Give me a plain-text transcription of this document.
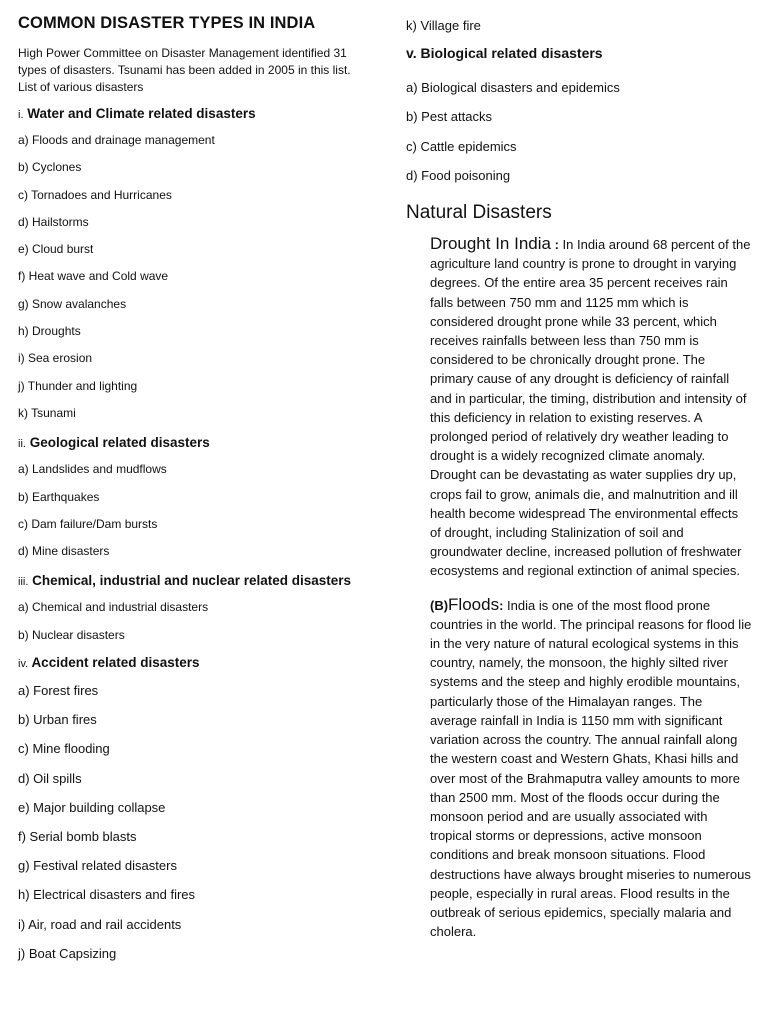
COMMON DISASTER TYPES IN INDIA
High Power Committee on Disaster Management identified 31 types of disasters. Tsunami has been added in 2005 in this list. List of various disasters
i. Water and Climate related disasters
a) Floods and drainage management
b) Cyclones
c) Tornadoes and Hurricanes
d) Hailstorms
e) Cloud burst
f) Heat wave and Cold wave
g) Snow avalanches
h) Droughts
i) Sea erosion
j) Thunder and lighting
k) Tsunami
ii. Geological related disasters
a) Landslides and mudflows
b) Earthquakes
c) Dam failure/Dam bursts
d) Mine disasters
iii. Chemical, industrial and nuclear related disasters
a) Chemical and industrial disasters
b) Nuclear disasters
iv. Accident related disasters
a) Forest fires
b) Urban fires
c) Mine flooding
d) Oil spills
e) Major building collapse
f) Serial bomb blasts
g) Festival related disasters
h) Electrical disasters and fires
i) Air, road and rail accidents
j) Boat Capsizing
k) Village fire
v. Biological related disasters
a) Biological disasters and epidemics
b) Pest attacks
c) Cattle epidemics
d) Food poisoning
Natural Disasters

Drought In India : In India around 68 percent of the agriculture land country is prone to drought in varying degrees. Of the entire area 35 percent receives rain falls between 750 mm and 1125 mm which is considered drought prone while 33 percent, which receives rainfalls between less than 750 mm is considered to be chronically drought prone. The primary cause of any drought is deficiency of rainfall and in particular, the timing, distribution and intensity of this deficiency in relation to existing reserves. A prolonged period of relatively dry weather leading to drought is a widely recognized climate anomaly. Drought can be devastating as water supplies dry up, crops fail to grow, animals die, and malnutrition and ill health become widespread The environmental effects of drought, including Stalinization of soil and groundwater decline, increased pollution of freshwater ecosystems and regional extinction of animal species.

(B)Floods: India is one of the most flood prone countries in the world. The principal reasons for flood lie in the very nature of natural ecological systems in this country, namely, the monsoon, the highly silted river systems and the steep and highly erodible mountains, particularly those of the Himalayan ranges. The average rainfall in India is 1150 mm with significant variation across the country. The annual rainfall along the western coast and Western Ghats, Khasi hills and over most of the Brahmaputra valley amounts to more than 2500 mm. Most of the floods occur during the monsoon period and are usually associated with tropical storms or depressions, active monsoon conditions and break monsoon situations. Flood destructions have always brought miseries to numerous people, especially in rural areas. Flood results in the outbreak of serious epidemics, specially malaria and cholera.
